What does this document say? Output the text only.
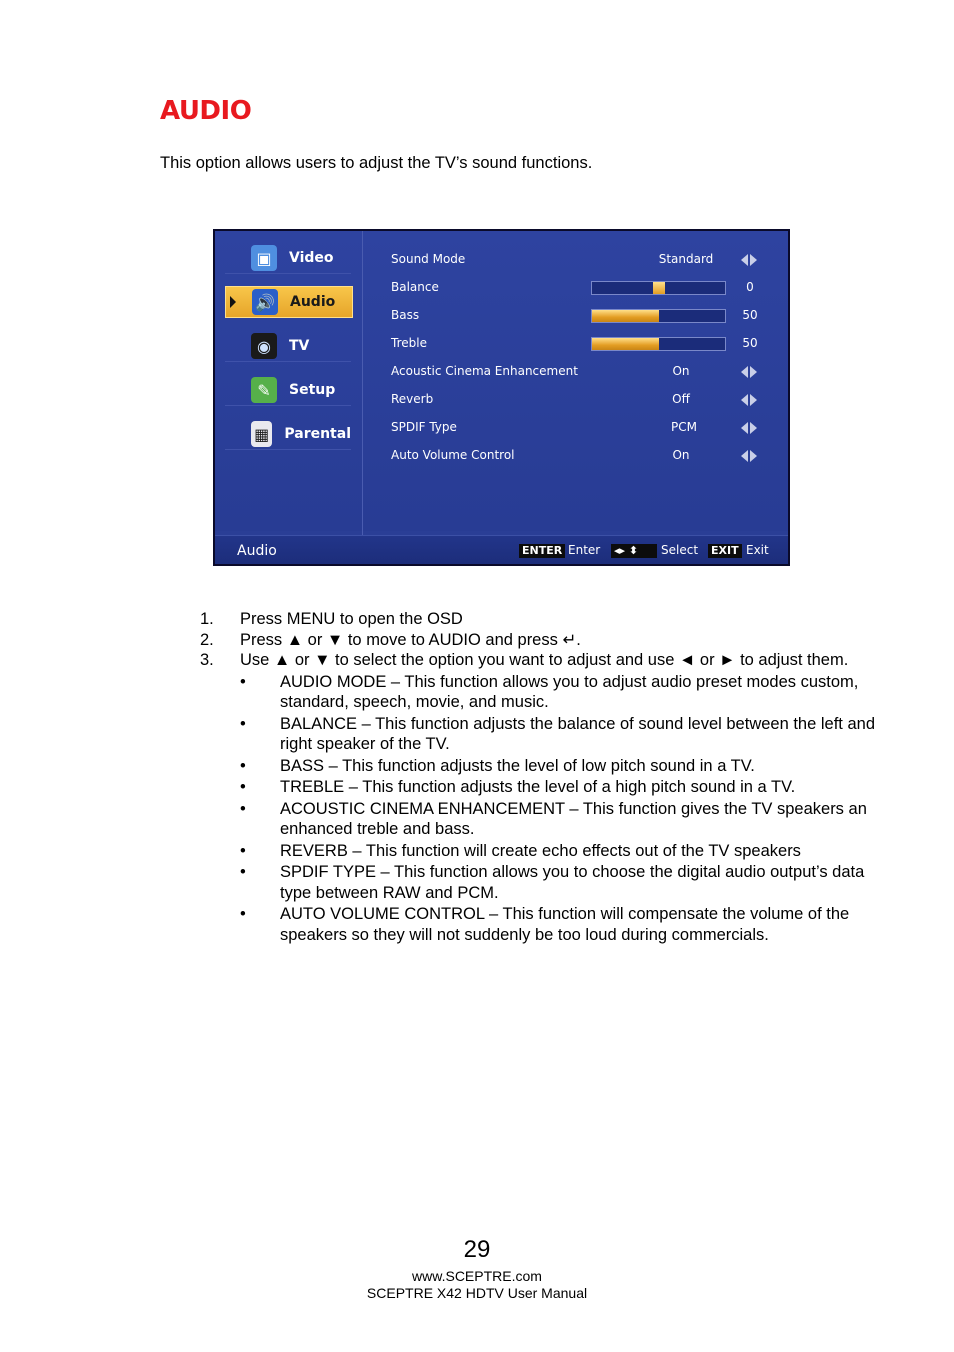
AUDIO
This option allows users to adjust the TV’s sound functions.
▣	Video
🔊 Audio
◉	TV
✎	Setup
▦ Parental
Sound Mode	Standard
Balance	0
Bass	50
Treble	50
Acoustic Cinema Enhancement	On
Reverb	Off
SPDIF Type	PCM
Auto Volume Control	On
Audio	ENTER Enter ◂▸ ⬍	Select EXIT Exit
1. Press MENU to open the OSD
2. Press ▲ or ▼ to move to AUDIO and press ↵.
3. Use ▲ or ▼ to select the option you want to adjust and use ◄ or ► to adjust them.
• AUDIO MODE – This function allows you to adjust audio preset modes custom, standard, speech, movie, and music.
• BALANCE – This function adjusts the balance of sound level between the left and right speaker of the TV.
• BASS – This function adjusts the level of low pitch sound in a TV.
• TREBLE – This function adjusts the level of a high pitch sound in a TV.
• ACOUSTIC CINEMA ENHANCEMENT – This function gives the TV speakers an enhanced treble and bass.
• REVERB – This function will create echo effects out of the TV speakers
• SPDIF TYPE – This function allows you to choose the digital audio output’s data type between RAW and PCM.
• AUTO VOLUME CONTROL – This function will compensate the volume of the speakers so they will not suddenly be too loud during commercials.
29
www.SCEPTRE.com
SCEPTRE X42 HDTV User Manual
